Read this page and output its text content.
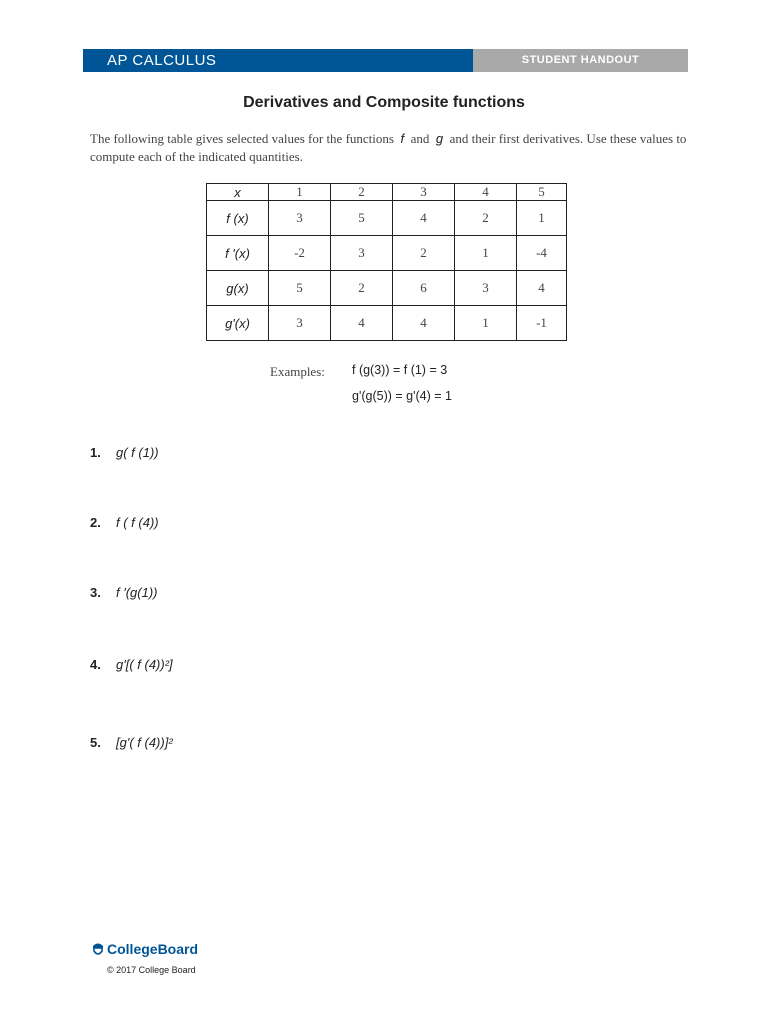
AP CALCULUS	STUDENT HANDOUT
Derivatives and Composite functions
The following table gives selected values for the functions f and g and their first derivatives. Use these values to compute each of the indicated quantities.
x	1	2	3	4	5
f (x)	3	5	4	2	1
f '(x)	-2	3	2	1	-4
g(x)	5	2	6	3	4
g'(x)	3	4	4	1	-1
Examples: f (g(3)) = f (1) = 3
g'(g(5)) = g'(4) = 1
1. g( f (1))
2. f ( f (4))
3. f '(g(1))
4. g'[( f (4))²]
5. [g'( f (4))]²
CollegeBoard
© 2017 College Board
